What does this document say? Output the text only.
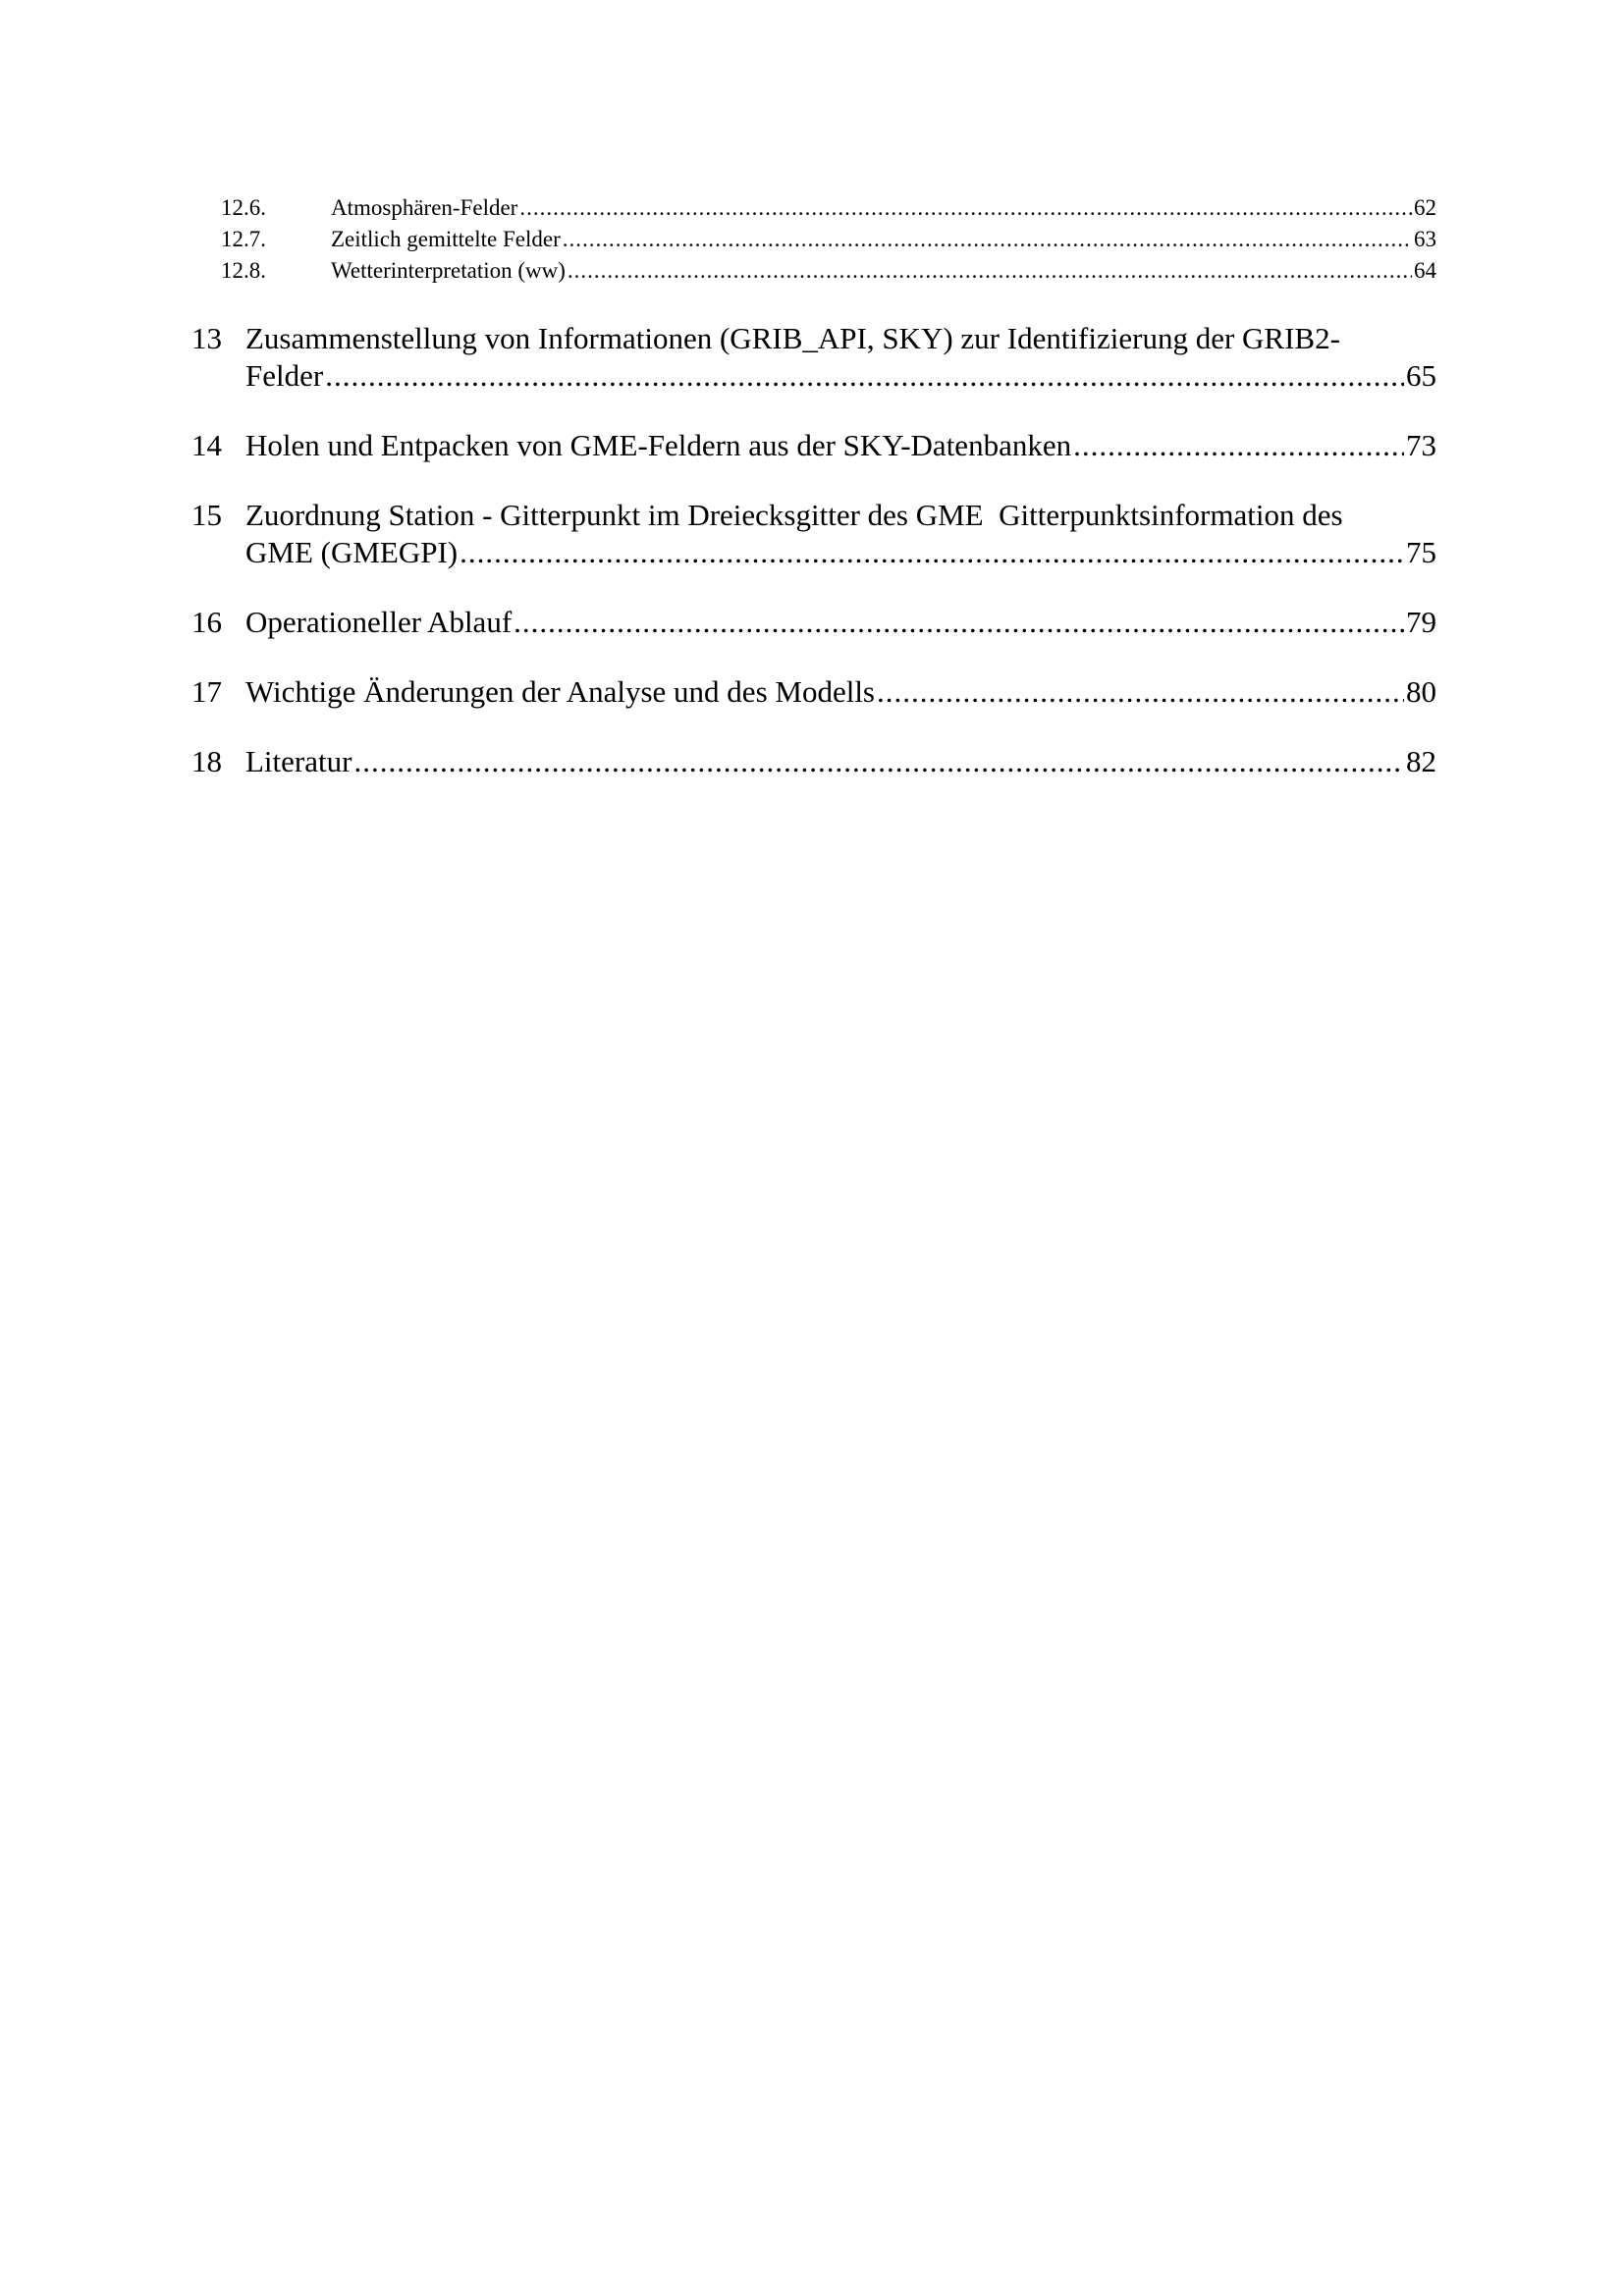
12.6.	Atmosphären-Felder .....	62
12.7.	Zeitlich gemittelte Felder .....	63
12.8.	Wetterinterpretation (ww) .....	64
13 Zusammenstellung von Informationen (GRIB_API, SKY) zur Identifizierung der GRIB2-
Felder .....	65
14 Holen und Entpacken von GME-Feldern aus der SKY-Datenbanken .....	73
15 Zuordnung Station - Gitterpunkt im Dreiecksgitter des GME  Gitterpunktsinformation des
GME (GMEGPI) .....	75
16 Operationeller Ablauf .....	79
17 Wichtige Änderungen der Analyse und des Modells .....	80
18 Literatur .....	82
